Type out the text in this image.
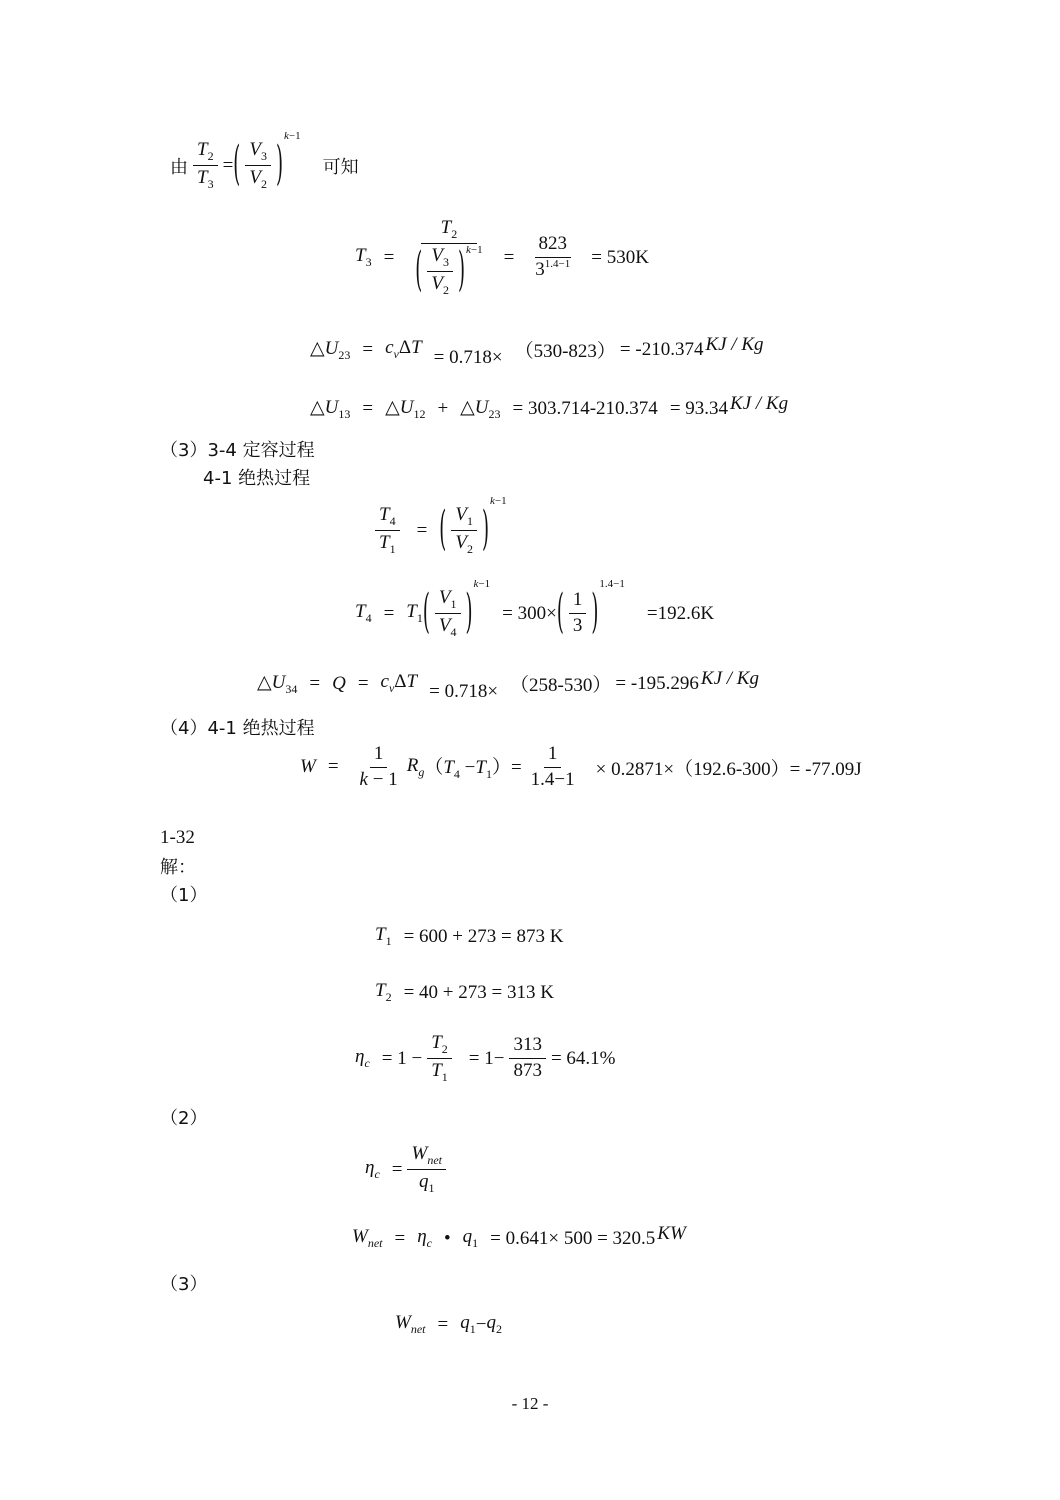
由 $\frac{T_2}{T_3}$ = ( $\frac{V_3}{V_2}$ )
k−1
可知
$T_3 = \frac{T_2}{( \frac{V_3}{V_2} ) k-1} = \frac{823}{3^{1.4-1}} = 530K$
$\triangle U_{23} = c_v\Delta T = 0.718\times (530-823) = -210.374$ KJ / Kg
$\triangle U_{13}$ = $\triangle U_{12}$ + $\triangle U_{23} = 303.714-210.374 = 93.34$ KJ / Kg
（3）3-4 定容过程
4-1 绝热过程
$\frac{T_4}{T_1}$ = ( $\frac{V_1}{V_2}$ )
k−1
$T_4 = T_1$ ( $\frac{V_1}{V_4}$ )
k−1
= 300× ( $\frac{1}{3}$ )
1.4−1
=192.6K
$\triangle U_{34} = Q = c_v\Delta T = 0.718\times (258-530) = -195.296$ KJ / Kg
（4）4-1 绝热过程
$W = \frac{1}{k - 1} R_g$ $(T_4 -T_1)= \frac{1}{1.4-1} \times 0.2871\times(192.6-300)= -77.09J$
1-32
解：
（1）
$T_1 = 600 + 273 = 873$ K
$T_2 = 40 + 273 = 313$ K
$\eta_c = 1 - \frac{T_2}{T_1} = 1- \frac{313}{873} = 64.1\%$
（2）
$\eta_c = \frac{W_{net}}{q_1}$
$W_{net} = \eta_c$ • $q_1 = 0.641\times 500 = 320.5$ KW
（3）
$W_{net} = q_1 - q_2$
- 12 -
